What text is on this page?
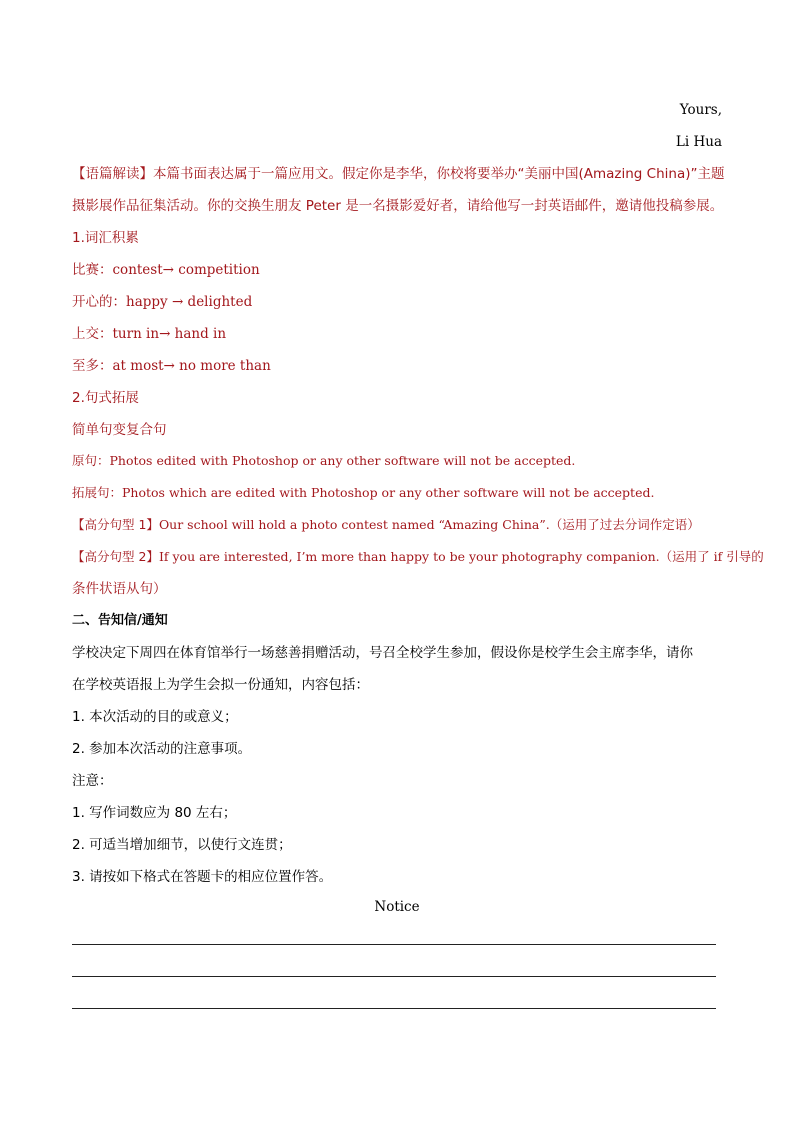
Yours,
Li Hua
【语篇解读】本篇书面表达属于一篇应用文。假定你是李华，你校将要举办“美丽中国(Amazing China)”主题
摄影展作品征集活动。你的交换生朋友 Peter 是一名摄影爱好者，请给他写一封英语邮件，邀请他投稿参展。
1.词汇积累
比赛：contest→ competition
开心的：happy → delighted
上交：turn in→ hand in
至多：at most→ no more than
2.句式拓展
简单句变复合句
原句：Photos edited with Photoshop or any other software will not be accepted.
拓展句：Photos which are edited with Photoshop or any other software will not be accepted.
【高分句型 1】Our school will hold a photo contest named “Amazing China”.（运用了过去分词作定语）
【高分句型 2】If you are interested, I’m more than happy to be your photography companion.（运用了 if 引导的
条件状语从句）
二、告知信/通知
学校决定下周四在体育馆举行一场慈善捐赠活动，号召全校学生参加，假设你是校学生会主席李华，请你
在学校英语报上为学生会拟一份通知，内容包括：
1. 本次活动的目的或意义；
2. 参加本次活动的注意事项。
注意：
1. 写作词数应为 80 左右；
2. 可适当增加细节，以使行文连贯；
3. 请按如下格式在答题卡的相应位置作答。
Notice
